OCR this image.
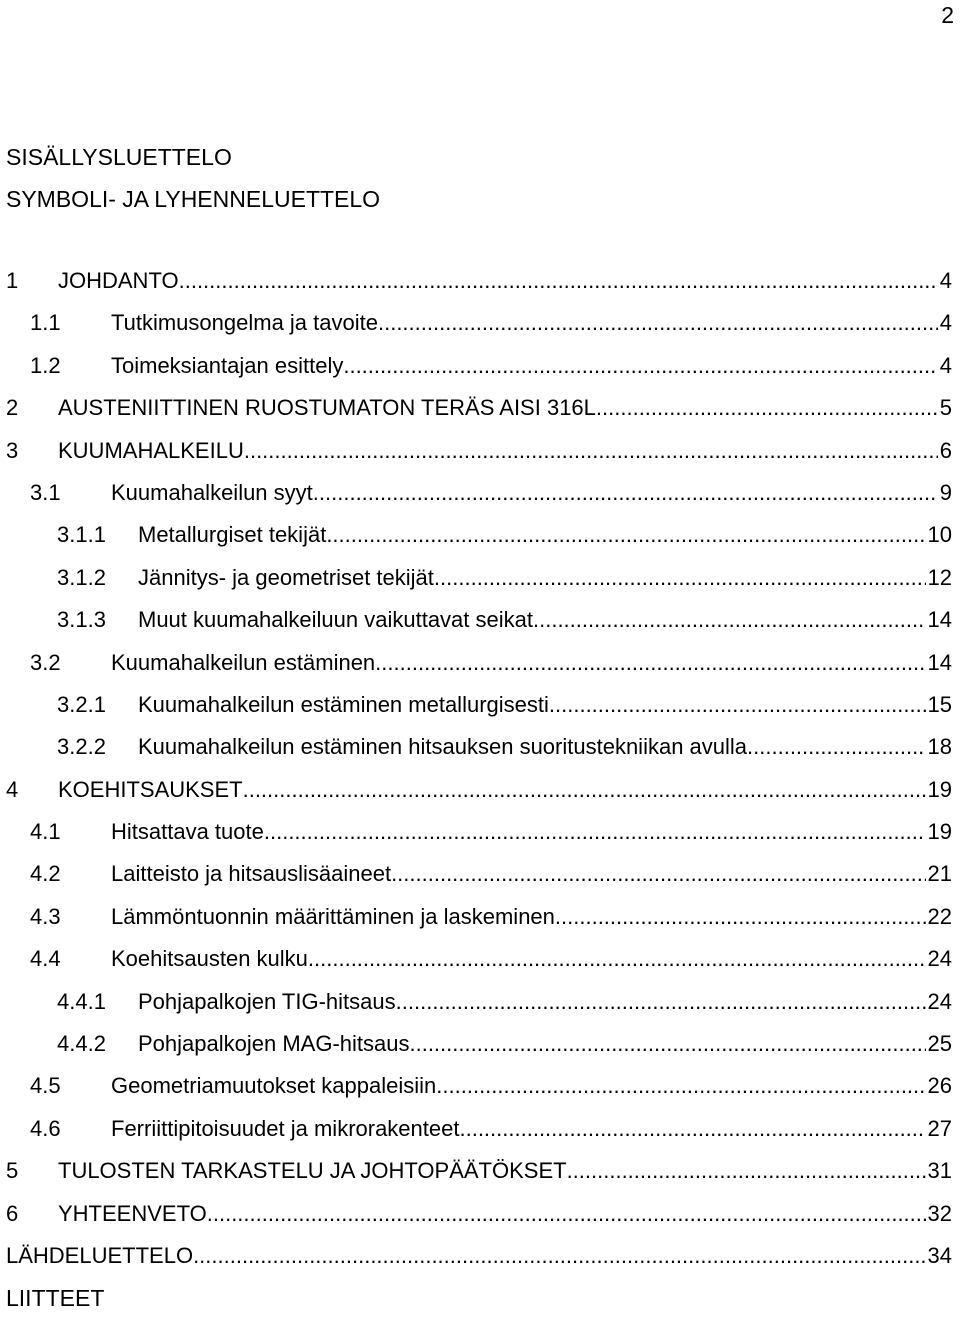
2
SISÄLLYSLUETTELO
SYMBOLI- JA LYHENNELUETTELO
1 JOHDANTO .....	4
1.1 Tutkimusongelma ja tavoite .....	4
1.2 Toimeksiantajan esittely .....	4
2 AUSTENIITTINEN RUOSTUMATON TERÄS AISI 316L .....	5
3 KUUMAHALKEILU .....	6
3.1 Kuumahalkeilun syyt .....	9
3.1.1 Metallurgiset tekijät .....	10
3.1.2 Jännitys- ja geometriset tekijät .....	12
3.1.3 Muut kuumahalkeiluun vaikuttavat seikat .....	14
3.2 Kuumahalkeilun estäminen .....	14
3.2.1 Kuumahalkeilun estäminen metallurgisesti .....	15
3.2.2 Kuumahalkeilun estäminen hitsauksen suoritustekniikan avulla .....	18
4 KOEHITSAUKSET .....	19
4.1 Hitsattava tuote .....	19
4.2 Laitteisto ja hitsauslisäaineet .....	21
4.3 Lämmöntuonnin määrittäminen ja laskeminen .....	22
4.4 Koehitsausten kulku .....	24
4.4.1 Pohjapalkojen TIG-hitsaus .....	24
4.4.2 Pohjapalkojen MAG-hitsaus .....	25
4.5 Geometriamuutokset kappaleisiin .....	26
4.6 Ferriittipitoisuudet ja mikrorakenteet .....	27
5 TULOSTEN TARKASTELU JA JOHTOPÄÄTÖKSET .....	31
6 YHTEENVETO .....	32
LÄHDELUETTELO .....	34
LIITTEET
